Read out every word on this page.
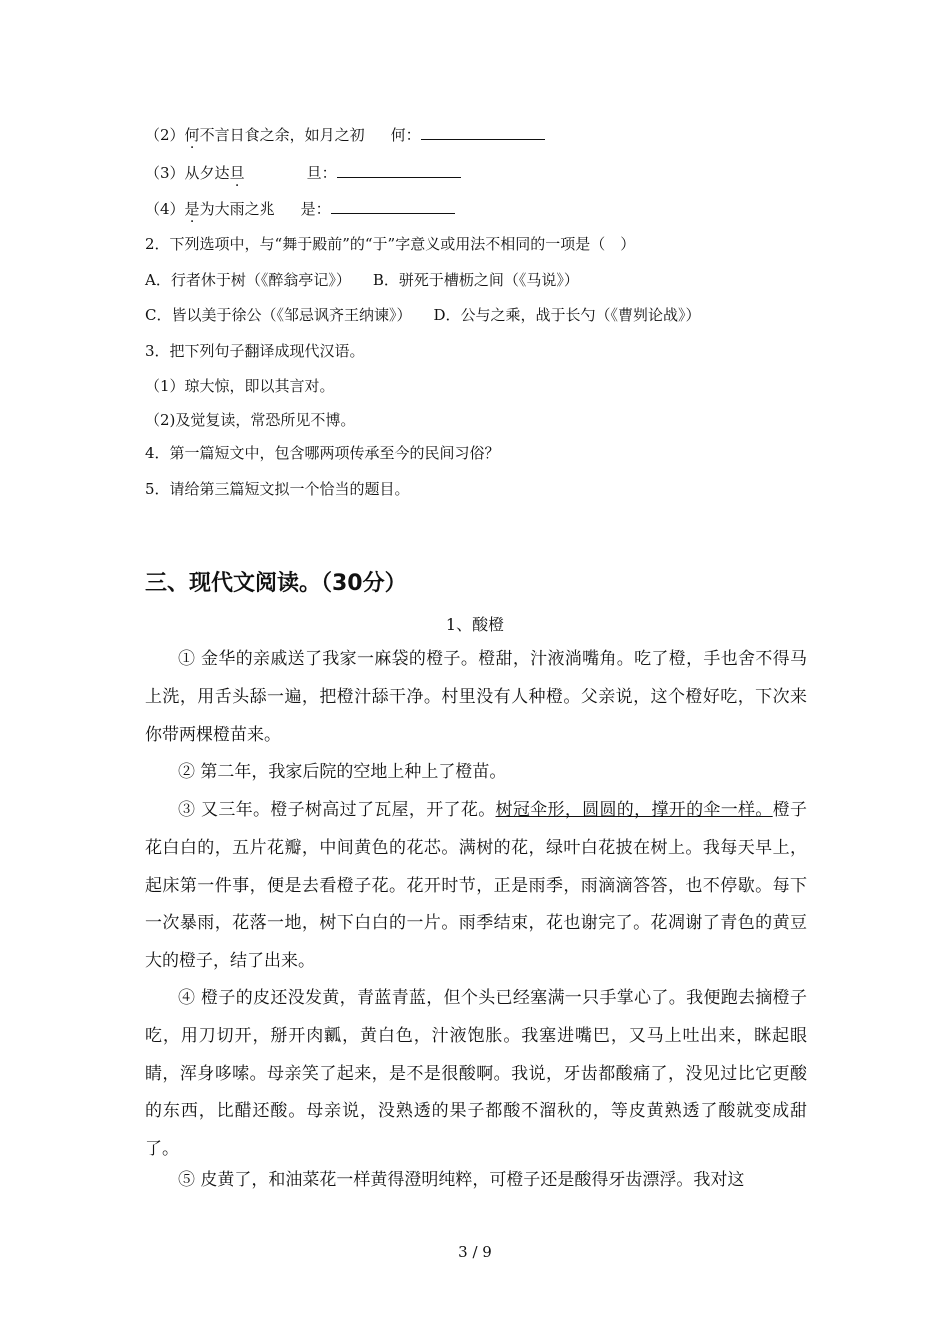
（2）何不言日食之余，如月之初 何：
（3）从夕达旦	旦：
（4）是为大雨之兆 是：
2．下列选项中，与“舞于殿前”的“于”字意义或用法不相同的一项是（　）
A．行者休于树（《醉翁亭记》） B．骈死于槽枥之间（《马说》）
C．皆以美于徐公（《邹忌讽齐王纳谏》） D．公与之乘，战于长勺（《曹刿论战》）
3．把下列句子翻译成现代汉语。
（1）琼大惊，即以其言对。
（2)及觉复读，常恐所见不博。
4．第一篇短文中，包含哪两项传承至今的民间习俗？
5．请给第三篇短文拟一个恰当的题目。
三、现代文阅读。（30分）
1、酸橙
① 金华的亲戚送了我家一麻袋的橙子。橙甜，汁液淌嘴角。吃了橙，手也舍不得马上洗，用舌头舔一遍，把橙汁舔干净。村里没有人种橙。父亲说，这个橙好吃，下次来你带两棵橙苗来。
② 第二年，我家后院的空地上种上了橙苗。
③ 又三年。橙子树高过了瓦屋，开了花。树冠伞形，圆圆的，撑开的伞一样。橙子花白白的，五片花瓣，中间黄色的花芯。满树的花，绿叶白花披在树上。我每天早上，起床第一件事，便是去看橙子花。花开时节，正是雨季，雨滴滴答答，也不停歇。每下一次暴雨，花落一地，树下白白的一片。雨季结束，花也谢完了。花凋谢了青色的黄豆大的橙子，结了出来。
④ 橙子的皮还没发黄，青蓝青蓝，但个头已经塞满一只手掌心了。我便跑去摘橙子吃，用刀切开，掰开肉瓤，黄白色，汁液饱胀。我塞进嘴巴，又马上吐出来，眯起眼睛，浑身哆嗦。母亲笑了起来，是不是很酸啊。我说，牙齿都酸痛了，没见过比它更酸的东西，比醋还酸。母亲说，没熟透的果子都酸不溜秋的，等皮黄熟透了酸就变成甜了。
⑤ 皮黄了，和油菜花一样黄得澄明纯粹，可橙子还是酸得牙齿漂浮。我对这
3 / 9
